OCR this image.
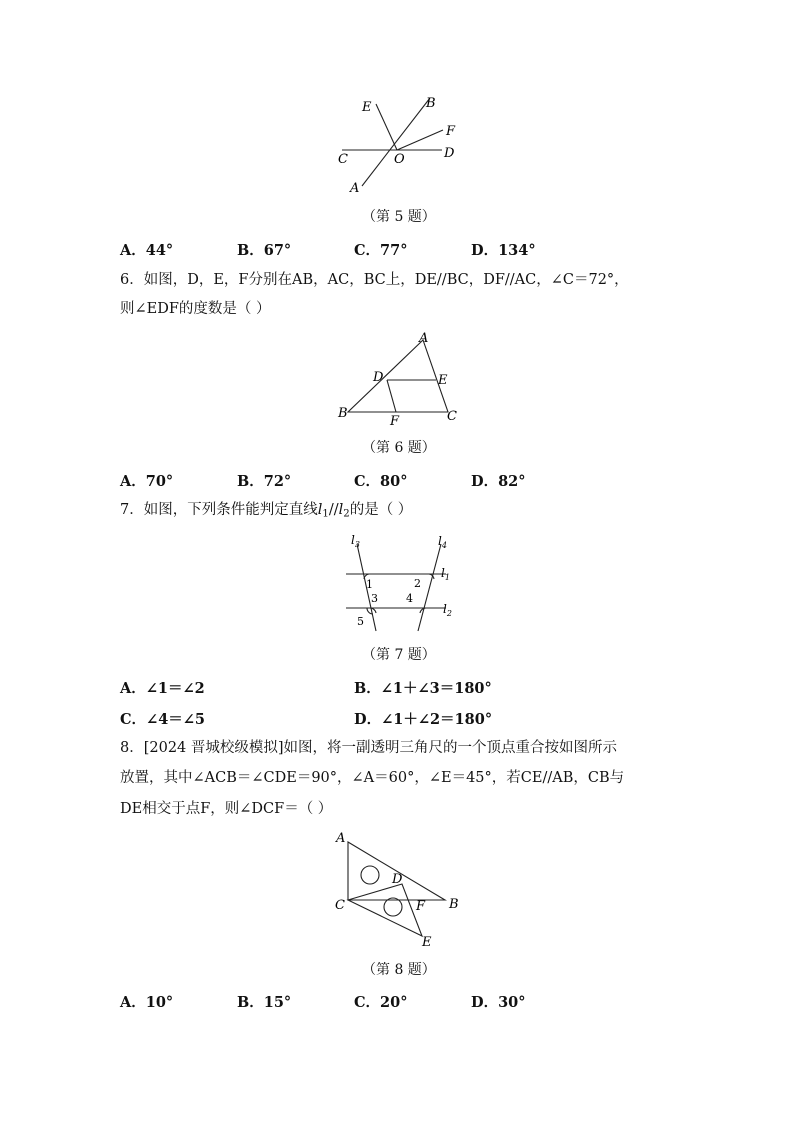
E	B
F
C	O	D
A
（第 5 题）
A．44°	B．67°	C．77°	D．134°
6．如图，D，E，F分别在AB，AC，BC上，DE//BC，DF//AC，∠C＝72°，
则∠EDF的度数是（ ）
A
D	E
B
F	C
（第 6 题）
A．70°	B．72°	C．80°	D．82°
7．如图，下列条件能判定直线$l_1//l_2$的是（ ）
$l_3$	$l_4$
$l_1$
$l_2$
1	2
3	4
5
（第 7 题）
A．∠1＝∠2	B．∠1＋∠3＝180°
C．∠4＝∠5	D．∠1＋∠2＝180°
8．[2024 晋城校级模拟]如图，将一副透明三角尺的一个顶点重合按如图所示
放置，其中∠ACB＝∠CDE＝90°，∠A＝60°，∠E＝45°，若CE//AB，CB与
DE相交于点F，则∠DCF＝（ ）
A
D
C	F B
E
（第 8 题）
A．10°	B．15°	C．20°	D．30°
